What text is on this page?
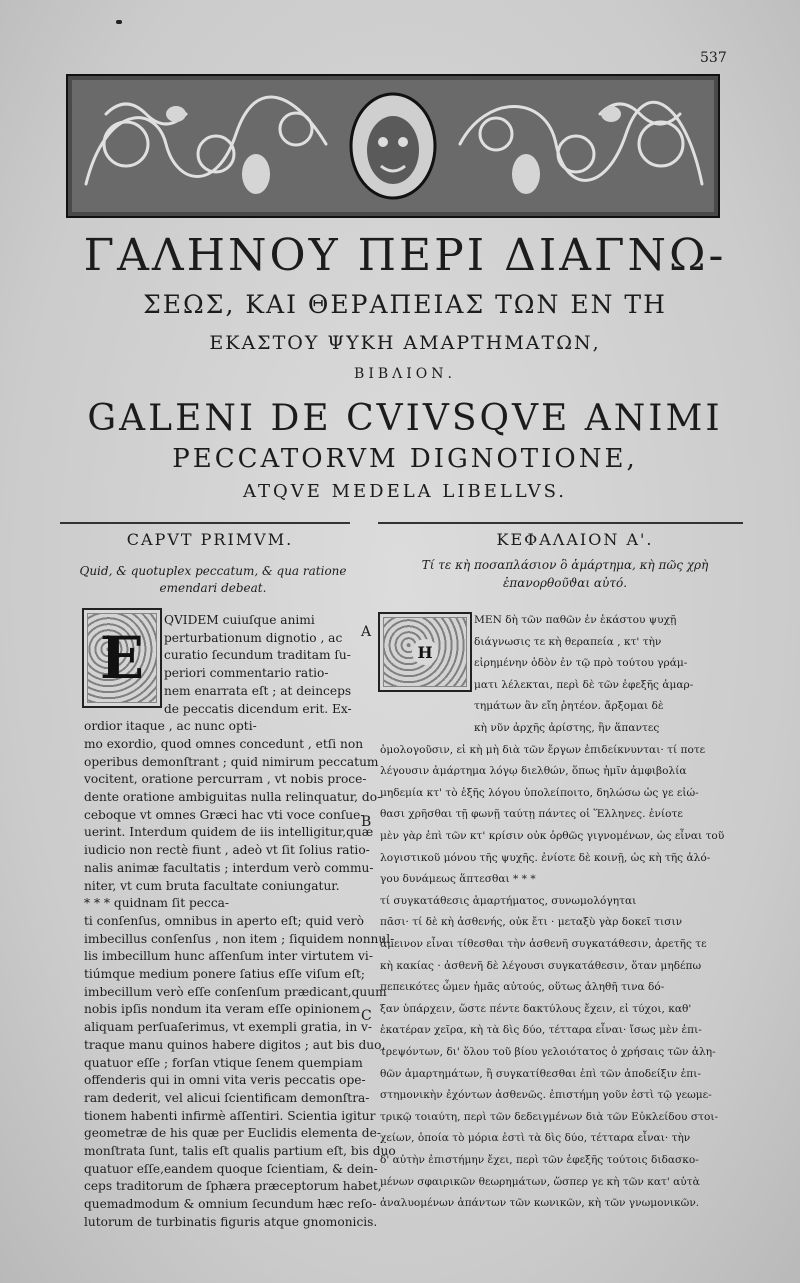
537
ΓΑΛΗΝΟΥ ΠΕΡΙ ΔΙΑΓΝΩ-
ΣΕΩΣ, ΚΑΙ ΘΕΡΑΠΕΙΑΣ ΤΩΝ ΕΝ ΤΗ
ΕΚΑΣΤΟΥ ΨΥΚΗ ΑΜΑΡΤΗΜΑΤΩΝ,
ΒΙΒΛΙΟΝ.
GALENI DE CVIVSQVE ANIMI
PECCATORVM DIGNOTIONE,
ATQVE MEDELA LIBELLVS.
CAPVT PRIMVM.	ΚΕΦΑΛΑΙΟΝ Α'.
Quid, & quotuplex peccatum, & qua ratione emendari debeat.
Τί τε κὴ ποσαπλάσιον ὃ ἁμάρτημα, κὴ πῶς χρὴ
ἐπανορθοῦϑαι αὐτό.
E
QVIDEM cuiuſque animi
perturbationum dignotio , ac
curatio ſecundum traditam ſu-
periori commentario ratio-
nem enarrata eſt ; at deinceps
de peccatis dicendum erit. Ex-
ordior itaque , ac nunc opti-
mo exordio, quod omnes concedunt , etſi non
operibus demonſtrant ; quid nimirum peccatum
vocitent, oratione percurram , vt nobis proce-
dente oratione ambiguitas nulla relinquatur, do-
ceboque vt omnes Græci hac vti voce conſue-
uerint. Interdum quidem de iis intelligitur,quæ
iudicio non rectè fiunt , adeò vt ſit ſolius ratio-
nalis animæ facultatis ; interdum verò commu-
niter, vt cum bruta facultate coniungatur.
* * * quidnam ſit pecca-
ti conſenſus, omnibus in aperto eſt; quid verò
imbecillus conſenſus , non item ; ſiquidem nonnul-
lis imbecillum hunc aſſenſum inter virtutem vi-
tiúmque medium ponere ſatius eſſe viſum eſt;
imbecillum verò eſſe conſenſum prædicant,quum
nobis ipſis nondum ita veram eſſe opinionem
aliquam perſuaſerimus, vt exempli gratia, in v-
traque manu quinos habere digitos ; aut bis duo,
quatuor eſſe ; forſan vtique ſenem quempiam
offenderis qui in omni vita veris peccatis ope-
ram dederit, vel alicui ſcientificam demonſtra-
tionem habenti infirmè aſſentiri. Scientia igitur
geometræ de his quæ per Euclidis elementa de-
monſtrata ſunt, talis eſt qualis partium eſt, bis duo
quatuor eſſe,eandem quoque ſcientiam, & dein-
ceps traditorum de ſphæra præceptorum habet,
quemadmodum & omnium ſecundum hæc reſo-
lutorum de turbinatis figuris atque gnomonicis.
A
B
C
Η
ΜΕΝ δὴ τῶν παθῶν ἐν ἑκάστου ψυχῇ
διάγνωσις τε κὴ θεραπεία , κτ' τὴν
εἰρημένην ὁδὸν ἐν τῷ πρὸ τούτου γράμ-
ματι λέλεκται, περὶ δὲ τῶν ἐφεξῆς ἁμαρ-
τημάτων ἂν εἴη ῥητέον. ἄρξομαι δὲ
κὴ νῦν ἀρχῆς ἀρίστης, ἣν ἅπαντες
ὁμολογοῦσιν, εἰ κὴ μὴ διὰ τῶν ἔργων ἐπιδείκνυνται· τί ποτε
λέγουσιν ἁμάρτημα λόγῳ διελθών, ὅπως ἡμῖν ἀμφιβολία
μηδεμία κτ' τὸ ἑξῆς λόγου ὑπολείποιτο, δηλώσω ὡς γε εἰώ-
θασι χρῆσθαι τῇ φωνῇ ταύτῃ πάντες οἱ Ἕλληνες. ἐνίοτε
μὲν γὰρ ἐπὶ τῶν κτ' κρίσιν οὐκ ὀρθῶς γιγνομένων, ὡς εἶναι τοῦ
λογιστικοῦ μόνου τῆς ψυχῆς. ἐνίοτε δὲ κοινῇ, ὡς κὴ τῆς ἀλό-
γου δυνάμεως ἅπτεσθαι * * *
τί συγκατάθεσις ἁμαρτήματος, συνωμολόγηται
πᾶσι· τί δὲ κὴ ἀσθενής, οὐκ ἔτι · μεταξὺ γὰρ δοκεῖ τισιν
ἄμεινον εἶναι τίθεσθαι τὴν ἀσθενῆ συγκατάθεσιν, ἀρετῆς τε
κὴ κακίας · ἀσθενῆ δὲ λέγουσι συγκατάθεσιν, ὅταν μηδέπω
πεπεικότες ὦμεν ἡμᾶς αὐτούς, οὕτως ἀληθῆ τινα δό-
ξαν ὑπάρχειν, ὥστε πέντε δακτύλους ἔχειν, εἰ τύχοι, καθ'
ἑκατέραν χεῖρα, κὴ τὰ δὶς δύο, τέτταρα εἶναι· ἴσως μὲν ἐπι-
τρεψόντων, δι' ὅλου τοῦ βίου γελοιότατος ὁ χρήσαις τῶν ἀλη-
θῶν ἁμαρτημάτων, ἢ συγκατίθεσθαι ἐπὶ τῶν ἀποδείξιν ἐπι-
στημονικὴν ἐχόντων ἀσθενῶς. ἐπιστήμη γοῦν ἐστὶ τῷ γεωμε-
τρικῷ τοιαύτη, περὶ τῶν δεδειγμένων διὰ τῶν Εὐκλείδου στοι-
χείων, ὁποία τὸ μόρια ἐστὶ τὰ δὶς δύο, τέτταρα εἶναι· τὴν
δ' αὐτὴν ἐπιστήμην ἔχει, περὶ τῶν ἐφεξῆς τούτοις διδασκο-
μένων σφαιρικῶν θεωρημάτων, ὥσπερ γε κὴ τῶν κατ' αὐτὰ
ἀναλυομένων ἁπάντων τῶν κωνικῶν, κὴ τῶν γνωμονικῶν.
